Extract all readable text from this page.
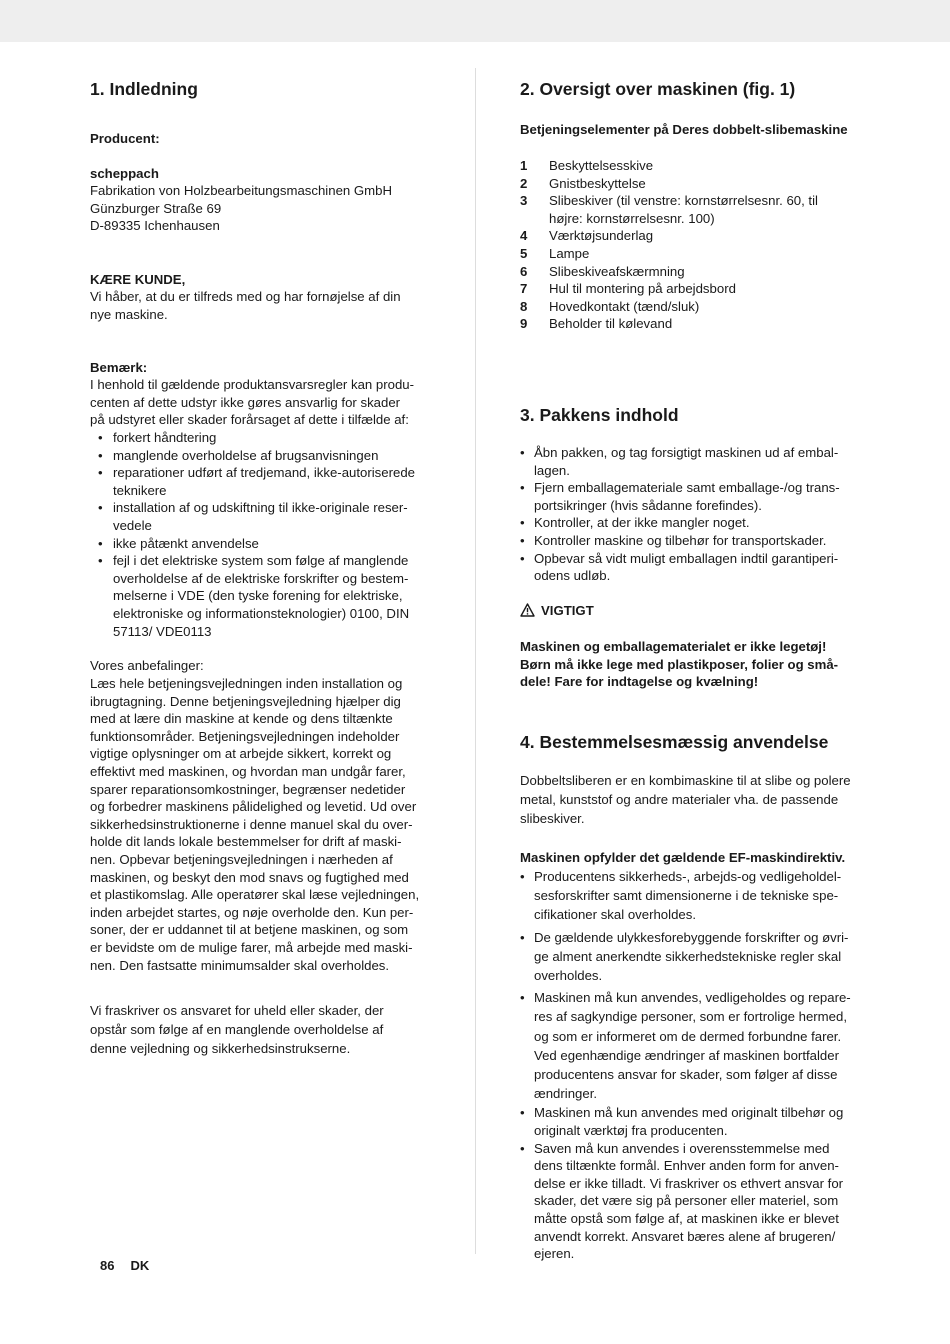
1. Indledning

Producent:

scheppach

Fabrikation von Holzbearbeitungsmaschinen GmbH
Günzburger Straße 69
D-89335 Ichenhausen

KÆRE KUNDE,

Vi håber, at du er tilfreds med og har fornøjelse af din
nye maskine.

Bemærk:

I henhold til gældende produktansvarsregler kan produ-
centen af dette udstyr ikke gøres ansvarlig for skader
på udstyret eller skader forårsaget af dette i tilfælde af:
• forkert håndtering
• manglende overholdelse af brugsanvisningen
• reparationer udført af tredjemand, ikke-autoriserede
teknikere
• installation af og udskiftning til ikke-originale reser-
vedele
• ikke påtænkt anvendelse
• fejl i det elektriske system som følge af manglende
overholdelse af de elektriske forskrifter og bestem-
melserne i VDE (den tyske forening for elektriske,
elektroniske og informationsteknologier) 0100, DIN
57113/ VDE0113

Vores anbefalinger:

Læs hele betjeningsvejledningen inden installation og
ibrugtagning. Denne betjeningsvejledning hjælper dig
med at lære din maskine at kende og dens tiltænkte
funktionsområder. Betjeningsvejledningen indeholder
vigtige oplysninger om at arbejde sikkert, korrekt og
effektivt med maskinen, og hvordan man undgår farer,
sparer reparationsomkostninger, begrænser nedetider
og forbedrer maskinens pålidelighed og levetid. Ud over
sikkerhedsinstruktionerne i denne manuel skal du over-
holde dit lands lokale bestemmelser for drift af maski-
nen. Opbevar betjeningsvejledningen i nærheden af
maskinen, og beskyt den mod snavs og fugtighed med
et plastikomslag. Alle operatører skal læse vejledningen,
inden arbejdet startes, og nøje overholde den. Kun per-
soner, der er uddannet til at betjene maskinen, og som
er bevidste om de mulige farer, må arbejde med maski-
nen. Den fastsatte minimumsalder skal overholdes.
Vi fraskriver os ansvaret for uheld eller skader, der
opstår som følge af en manglende overholdelse af
denne vejledning og sikkerhedsinstrukserne.
2. Oversigt over maskinen (fig. 1)

Betjeningselementer på Deres dobbelt-slibemaskine

1 Beskyttelsesskive
2 Gnistbeskyttelse
3 Slibeskiver (til venstre: kornstørrelsesnr. 60, til
højre: kornstørrelsesnr. 100)
4 Værktøjsunderlag
5 Lampe
6 Slibeskiveafskærmning
7 Hul til montering på arbejdsbord
8 Hovedkontakt (tænd/sluk)
9 Beholder til kølevand
3. Pakkens indhold
• Åbn pakken, og tag forsigtigt maskinen ud af embal-
lagen.
• Fjern emballagemateriale samt emballage-/og trans-
portsikringer (hvis sådanne forefindes).
• Kontroller, at der ikke mangler noget.
• Kontroller maskine og tilbehør for transportskader.
• Opbevar så vidt muligt emballagen indtil garantiperi-
odens udløb.
VIGTIGT
Maskinen og emballagematerialet er ikke legetøj!
Børn må ikke lege med plastikposer, folier og små-
dele! Fare for indtagelse og kvælning!
4. Bestemmelsesmæssig anvendelse
Dobbeltsliberen er en kombimaskine til at slibe og polere
metal, kunststof og andre materialer vha. de passende
slibeskiver.

Maskinen opfylder det gældende EF-maskindirektiv.

• Producentens sikkerheds-, arbejds-og vedligeholdel-
sesforskrifter samt dimensionerne i de tekniske spe-
cifikationer skal overholdes.
• De gældende ulykkesforebyggende forskrifter og øvri-
ge alment anerkendte sikkerhedstekniske regler skal
overholdes.
• Maskinen må kun anvendes, vedligeholdes og repare-
res af sagkyndige personer, som er fortrolige hermed,
og som er informeret om de dermed forbundne farer.
Ved egenhændige ændringer af maskinen bortfalder
producentens ansvar for skader, som følger af disse
ændringer.
• Maskinen må kun anvendes med originalt tilbehør og
originalt værktøj fra producenten.
• Saven må kun anvendes i overensstemmelse med
dens tiltænkte formål. Enhver anden form for anven-
delse er ikke tilladt. Vi fraskriver os ethvert ansvar for
skader, det være sig på personer eller materiel, som
måtte opstå som følge af, at maskinen ikke er blevet
anvendt korrekt. Ansvaret bæres alene af brugeren/
ejeren.
86 DK
